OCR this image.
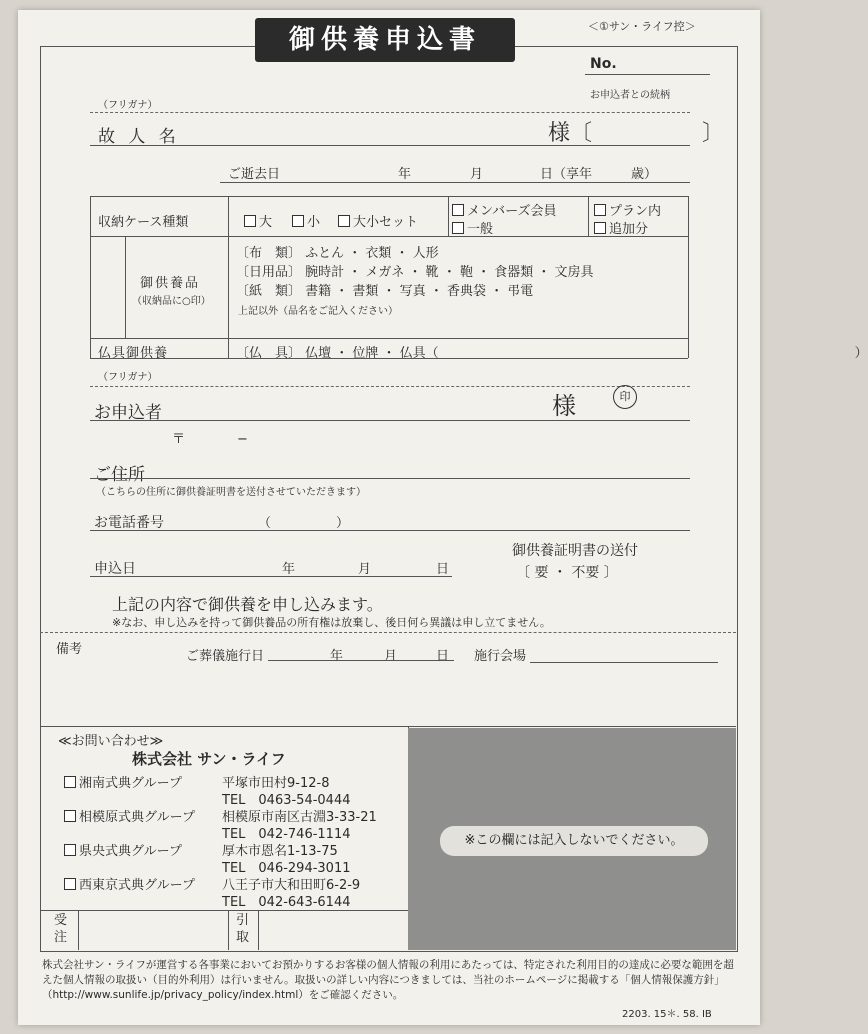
御供養申込書	＜①サン・ライフ控＞
No.
お申込者との続柄
（フリガナ）
故 人 名	様〔　　　　　〕
ご逝去日	年	月	日（享年　　　歳）
収納ケース種類	大	小	大小セット
メンバーズ会員
一般
プラン内
追加分
御供養品
（収納品に○印）
〔布　類〕 ふとん ・ 衣類 ・ 人形
〔日用品〕 腕時計 ・ メガネ ・ 靴 ・ 鞄 ・ 食器類 ・ 文房具
〔紙　類〕 書籍 ・ 書類 ・ 写真 ・ 香典袋 ・ 弔電
上記以外（品名をご記入ください）
仏具御供養	〔仏　具〕 仏壇 ・ 位牌 ・ 仏具（　　　　　　　　　　　　　　　　　　　　　　　　　　　　　　　　）
（フリガナ）
お申込者	様	印
〒　　　　−
ご住所
（こちらの住所に御供養証明書を送付させていただきます）
お電話番号	（　　　　　）
申込日	年	月	日
御供養証明書の送付
〔 要 ・ 不要 〕
上記の内容で御供養を申し込みます。
※なお、申し込みを持って御供養品の所有権は放棄し、後日何ら異議は申し立てません。
備考	ご葬儀施行日	年	月	日 施行会場
≪お問い合わせ≫
株式会社 サン・ライフ
湘南式典グループ	平塚市田村9-12-8
TEL　0463-54-0444
相模原式典グループ 相模原市南区古淵3-33-21
TEL　042-746-1114
県央式典グループ	厚木市恩名1-13-75
TEL　046-294-3011
西東京式典グループ 八王子市大和田町6-2-9
TEL　042-643-6144
受
注
引
取
※この欄には記入しないでください。
株式会社サン・ライフが運営する各事業においてお預かりするお客様の個人情報の利用にあたっては、特定された利用目的の達成に必要な範囲を超えた個人情報の取扱い（目的外利用）は行いません。取扱いの詳しい内容につきましては、当社のホームページに掲載する「個人情報保護方針」（http://www.sunlife.jp/privacy_policy/index.html）をご確認ください。
2203. 15＊. 58. IB
